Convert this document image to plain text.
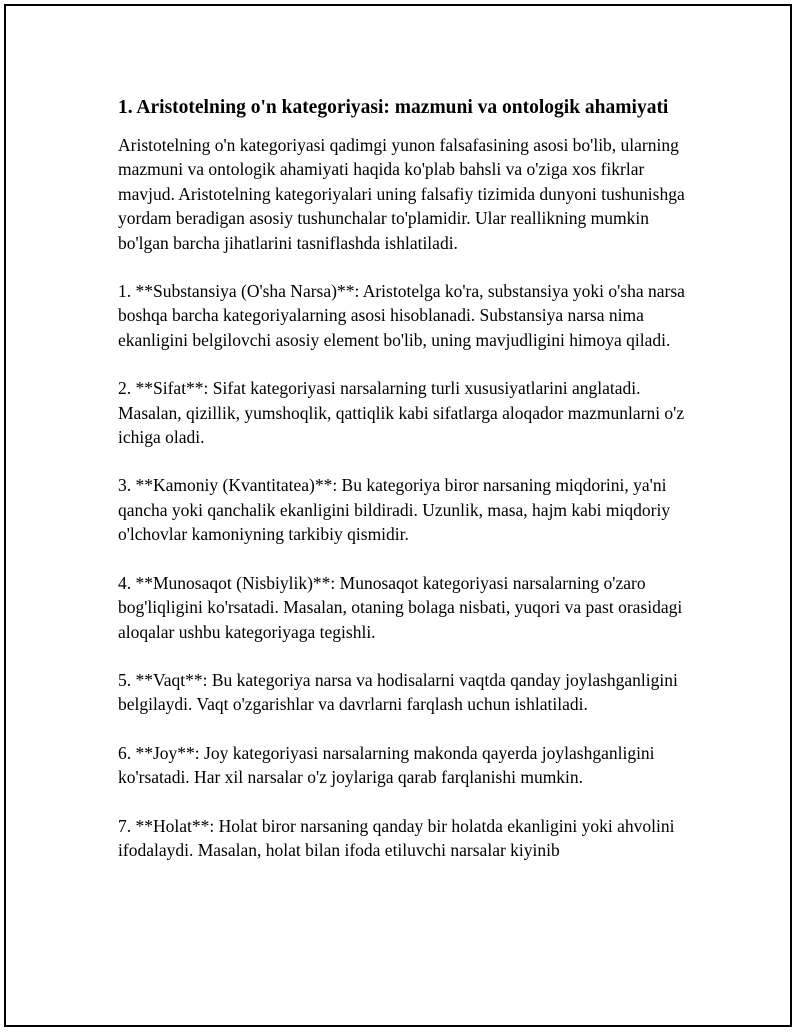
1. Aristotelning o'n kategoriyasi: mazmuni va ontologik ahamiyati

Aristotelning o'n kategoriyasi qadimgi yunon falsafasining asosi bo'lib, ularning mazmuni va ontologik ahamiyati haqida ko'plab bahsli va o'ziga xos fikrlar mavjud. Aristotelning kategoriyalari uning falsafiy tizimida dunyoni tushunishga yordam beradigan asosiy tushunchalar to'plamidir. Ular reallikning mumkin bo'lgan barcha jihatlarini tasniflashda ishlatiladi.

1. **Substansiya (O'sha Narsa)**: Aristotelga ko'ra, substansiya yoki o'sha narsa boshqa barcha kategoriyalarning asosi hisoblanadi. Substansiya narsa nima ekanligini belgilovchi asosiy element bo'lib, uning mavjudligini himoya qiladi.

2. **Sifat**: Sifat kategoriyasi narsalarning turli xususiyatlarini anglatadi. Masalan, qizillik, yumshoqlik, qattiqlik kabi sifatlarga aloqador mazmunlarni o'z ichiga oladi.

3. **Kamoniy (Kvantitatea)**: Bu kategoriya biror narsaning miqdorini, ya'ni qancha yoki qanchalik ekanligini bildiradi. Uzunlik, masa, hajm kabi miqdoriy o'lchovlar kamoniyning tarkibiy qismidir.

4. **Munosaqot (Nisbiylik)**: Munosaqot kategoriyasi narsalarning o'zaro bog'liqligini ko'rsatadi. Masalan, otaning bolaga nisbati, yuqori va past orasidagi aloqalar ushbu kategoriyaga tegishli.

5. **Vaqt**: Bu kategoriya narsa va hodisalarni vaqtda qanday joylashganligini belgilaydi. Vaqt o'zgarishlar va davrlarni farqlash uchun ishlatiladi.

6. **Joy**: Joy kategoriyasi narsalarning makonda qayerda joylashganligini ko'rsatadi. Har xil narsalar o'z joylariga qarab farqlanishi mumkin.

7. **Holat**: Holat biror narsaning qanday bir holatda ekanligini yoki ahvolini ifodalaydi. Masalan, holat bilan ifoda etiluvchi narsalar kiyinib
